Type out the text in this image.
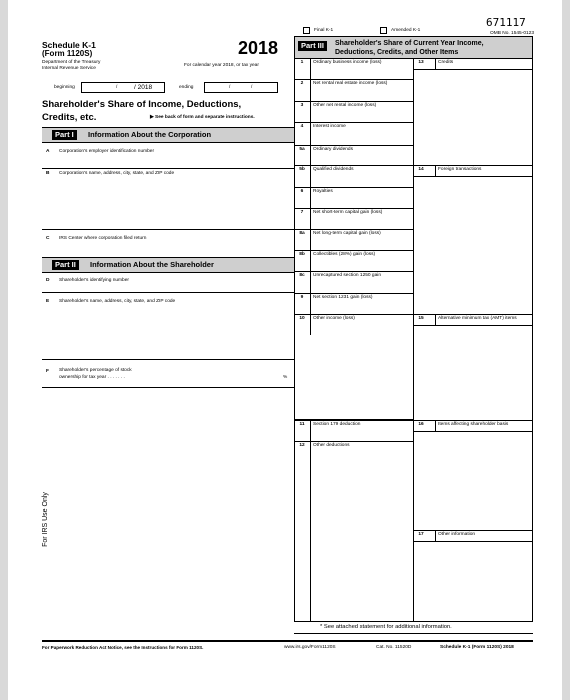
671117
Final K-1	Amended K-1
OMB No. 1545-0123
Schedule K-1
(Form 1120S)	2018
Department of the Treasury
Internal Revenue Service
For calendar year 2018, or tax year
beginning	/	/ 2018	ending	/	/
Shareholder's Share of Income, Deductions,
Credits, etc.	▶ See back of form and separate instructions.
Part I	Information About the Corporation
A Corporation's employer identification number
B Corporation's name, address, city, state, and ZIP code
C IRS Center where corporation filed return
Part II	Information About the Shareholder
D Shareholder's identifying number
E Shareholder's name, address, city, state, and ZIP code
F Shareholder's percentage of stock
ownership for tax year . . . . . . .	%
For IRS Use Only
Part III	Shareholder's Share of Current Year Income,
Deductions, Credits, and Other Items
* See attached statement for additional information.
For Paperwork Reduction Act Notice, see the Instructions for Form 1120S.	www.irs.gov/Form1120S	Cat. No. 11520D	Schedule K-1 (Form 1120S) 2018
1	Ordinary business income (loss)
2	Net rental real estate income (loss)
3	Other net rental income (loss)
4	Interest income
5a	Ordinary dividends
5b	Qualified dividends
6	Royalties
7	Net short-term capital gain (loss)
8a	Net long-term capital gain (loss)
8b	Collectibles (28%) gain (loss)
8c	Unrecaptured section 1250 gain
9	Net section 1231 gain (loss)
10	Other income (loss)
11	Section 179 deduction
12	Other deductions
13	Credits
14	Foreign transactions
15	Alternative minimum tax (AMT) items
16	Items affecting shareholder basis
17	Other information
